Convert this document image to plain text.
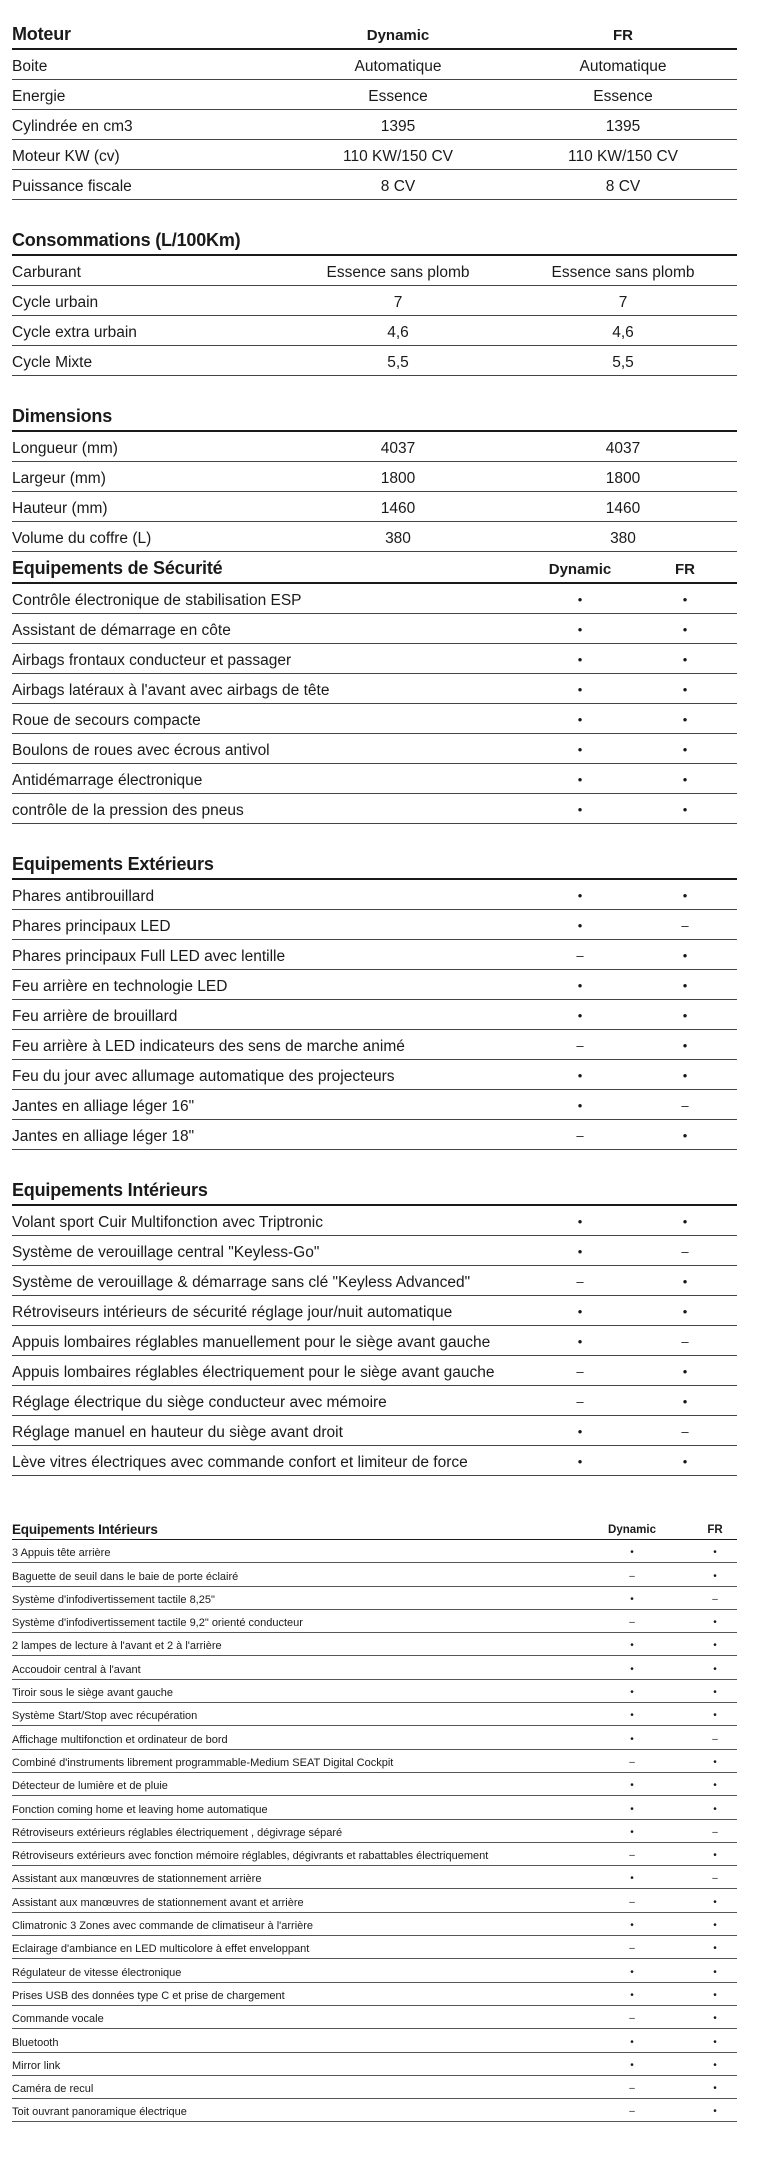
Moteur	Dynamic	FR
Boite	Automatique	Automatique
Energie	Essence	Essence
Cylindrée en cm3	1395	1395
Moteur KW (cv)	110 KW/150 CV	110 KW/150 CV
Puissance fiscale	8 CV	8 CV
Consommations (L/100Km)
Carburant	Essence sans plomb	Essence sans plomb
Cycle urbain	7	7
Cycle extra urbain	4,6	4,6
Cycle Mixte	5,5	5,5
Dimensions
Longueur (mm)	4037	4037
Largeur (mm)	1800	1800
Hauteur (mm)	1460	1460
Volume du coffre (L)	380	380
Equipements de Sécurité	Dynamic	FR
Contrôle électronique de stabilisation ESP	•	•
Assistant de démarrage en côte	•	•
Airbags frontaux conducteur et passager	•	•
Airbags latéraux à l'avant avec airbags de tête	•	•
Roue de secours compacte	•	•
Boulons de roues avec écrous antivol	•	•
Antidémarrage électronique	•	•
contrôle de la pression des pneus	•	•
Equipements Extérieurs
Phares antibrouillard	•	•
Phares principaux LED	•	–
Phares principaux Full LED avec lentille	–	•
Feu arrière en technologie LED	•	•
Feu arrière de brouillard	•	•
Feu arrière à LED indicateurs des sens de marche animé	–	•
Feu du jour avec allumage automatique des projecteurs	•	•
Jantes en alliage léger 16"	•	–
Jantes en alliage léger 18"	–	•
Equipements Intérieurs
Volant sport Cuir Multifonction avec Triptronic	•	•
Système de verouillage central "Keyless-Go"	•	–
Système de verouillage & démarrage sans clé "Keyless Advanced"	–	•
Rétroviseurs intérieurs de sécurité réglage jour/nuit automatique	•	•
Appuis lombaires réglables manuellement pour le siège avant gauche	•	–
Appuis lombaires réglables électriquement pour le siège avant gauche	–	•
Réglage électrique du siège conducteur avec mémoire	–	•
Réglage manuel en hauteur du siège avant droit	•	–
Lève vitres électriques avec commande confort et limiteur de force	•	•
Equipements Intérieurs	Dynamic	FR
3 Appuis tête arrière	•	•
Baguette de seuil dans le baie de porte éclairé	–	•
Système d'infodivertissement tactile 8,25"	•	–
Système d'infodivertissement tactile 9,2" orienté conducteur	–	•
2 lampes de lecture à l'avant et 2 à l'arrière	•	•
Accoudoir central à l'avant	•	•
Tiroir sous le siège avant gauche	•	•
Système Start/Stop avec récupération	•	•
Affichage multifonction et ordinateur de bord	•	–
Combiné d'instruments librement programmable-Medium SEAT Digital Cockpit	–	•
Détecteur de lumière et de pluie	•	•
Fonction coming home et leaving home automatique	•	•
Rétroviseurs extérieurs réglables électriquement , dégivrage séparé	•	–
Rétroviseurs extérieurs avec fonction mémoire réglables, dégivrants et rabattables électriquement	–	•
Assistant aux manœuvres de stationnement arrière	•	–
Assistant aux manœuvres de stationnement avant et arrière	–	•
Climatronic 3 Zones avec commande de climatiseur à l'arrière	•	•
Eclairage d'ambiance en LED multicolore à effet enveloppant	–	•
Régulateur de vitesse électronique	•	•
Prises USB des données type C et prise de chargement	•	•
Commande vocale	–	•
Bluetooth	•	•
Mirror link	•	•
Caméra de recul	–	•
Toit ouvrant panoramique électrique	–	•
